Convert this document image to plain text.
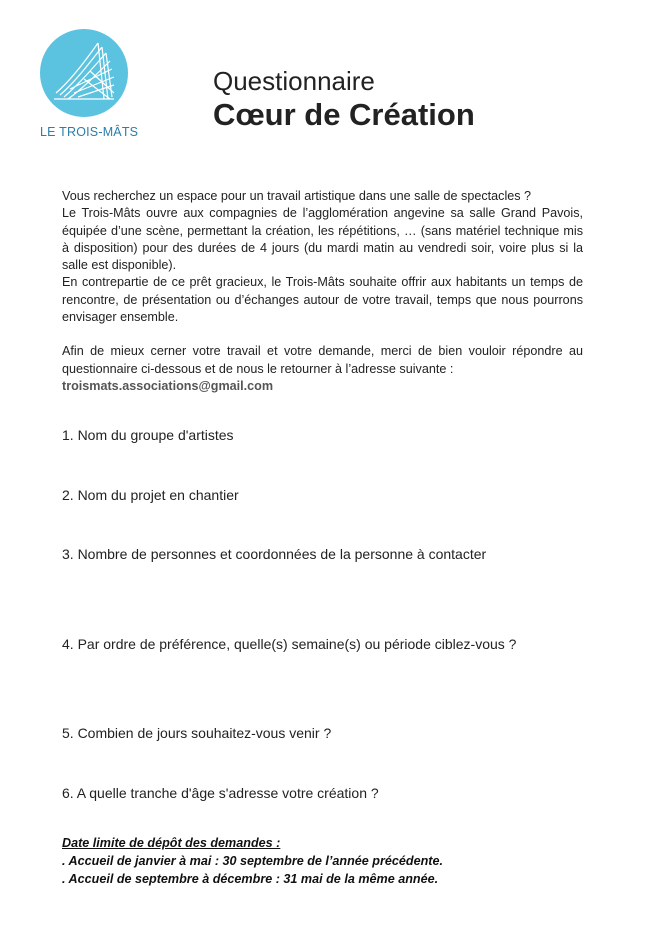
LE TROIS-MÂTS
Questionnaire
Cœur de Création

Vous recherchez un espace pour un travail artistique dans une salle de spectacles ?

Le Trois-Mâts ouvre aux compagnies de l’agglomération angevine sa salle Grand Pavois, équipée d’une scène, permettant la création, les répétitions, … (sans matériel technique mis à disposition) pour des durées de 4 jours (du mardi matin au vendredi soir, voire plus si la salle est disponible).

En contrepartie de ce prêt gracieux, le Trois-Mâts souhaite offrir aux habitants un temps de rencontre, de présentation ou d’échanges autour de votre travail, temps que nous pourrons envisager ensemble.

Afin de mieux cerner votre travail et votre demande, merci de bien vouloir répondre au questionnaire ci-dessous et de nous le retourner à l’adresse suivante :

troismats.associations@gmail.com

1. Nom du groupe d'artistes
2. Nom du projet en chantier
3. Nombre de personnes et coordonnées de la personne à contacter
4. Par ordre de préférence, quelle(s) semaine(s) ou période ciblez-vous ?
5. Combien de jours souhaitez-vous venir ?
6. A quelle tranche d'âge s'adresse votre création ?
Date limite de dépôt des demandes :
. Accueil de janvier à mai : 30 septembre de l’année précédente.
. Accueil de septembre à décembre : 31 mai de la même année.
